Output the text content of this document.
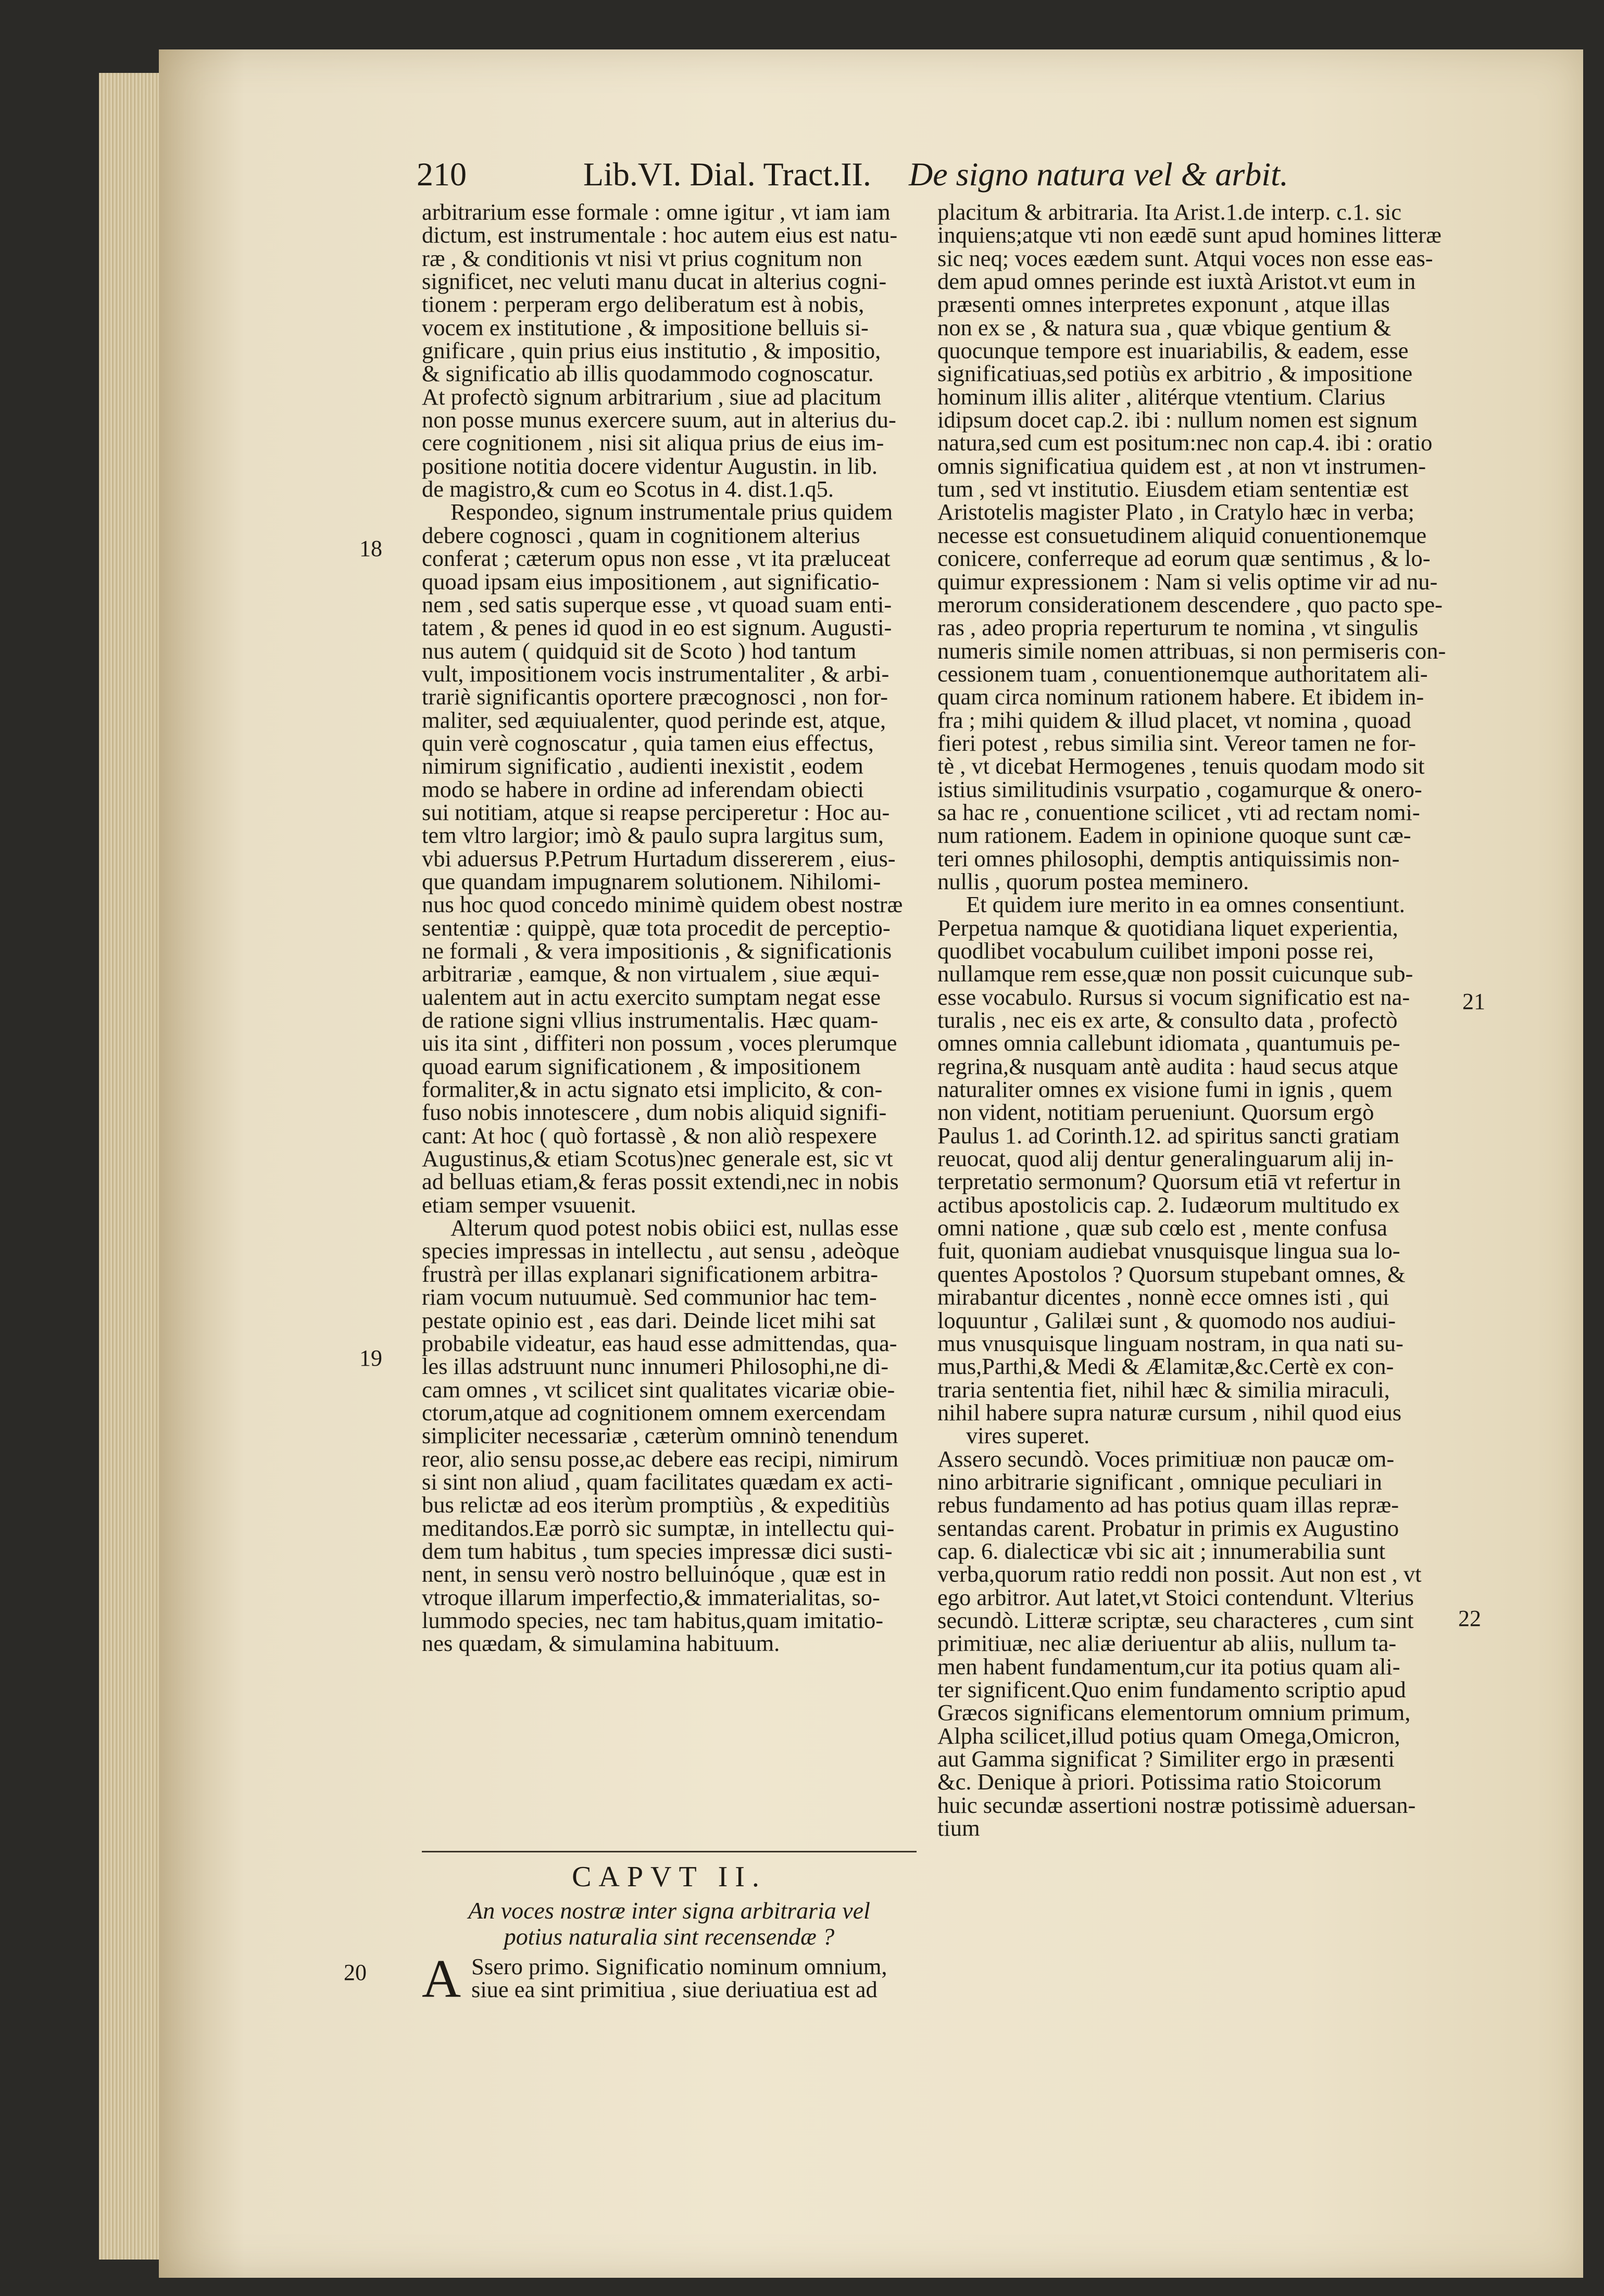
210	Lib.VI. Dial. Tract.II. De signo natura vel & arbit.
arbitrarium esse formale : omne igitur , vt iam iam
dictum, est instrumentale : hoc autem eius est natu-
ræ , & conditionis vt nisi vt prius cognitum non
significet, nec veluti manu ducat in alterius cogni-
tionem : perperam ergo deliberatum est à nobis,
vocem ex institutione , & impositione belluis si-
gnificare , quin prius eius institutio , & impositio,
& significatio ab illis quodammodo cognoscatur.
At profectò signum arbitrarium , siue ad placitum
non posse munus exercere suum, aut in alterius du-
cere cognitionem , nisi sit aliqua prius de eius im-
positione notitia docere videntur Augustin. in lib.
de magistro,& cum eo Scotus in 4. dist.1.q5.
Respondeo, signum instrumentale prius quidem
debere cognosci , quam in cognitionem alterius
conferat ; cæterum opus non esse , vt ita præluceat
quoad ipsam eius impositionem , aut significatio-
nem , sed satis superque esse , vt quoad suam enti-
tatem , & penes id quod in eo est signum. Augusti-
nus autem ( quidquid sit de Scoto ) hod tantum
vult, impositionem vocis instrumentaliter , & arbi-
trariè significantis oportere præcognosci , non for-
maliter, sed æquiualenter, quod perinde est, atque,
quin verè cognoscatur , quia tamen eius effectus,
nimirum significatio , audienti inexistit , eodem
modo se habere in ordine ad inferendam obiecti
sui notitiam, atque si reapse perciperetur : Hoc au-
tem vltro largior; imò & paulo supra largitus sum,
vbi aduersus P.Petrum Hurtadum dissererem , eius-
que quandam impugnarem solutionem. Nihilomi-
nus hoc quod concedo minimè quidem obest nostræ
sententiæ : quippè, quæ tota procedit de perceptio-
ne formali , & vera impositionis , & significationis
arbitrariæ , eamque, & non virtualem , siue æqui-
ualentem aut in actu exercito sumptam negat esse
de ratione signi vllius instrumentalis. Hæc quam-
uis ita sint , diffiteri non possum , voces plerumque
quoad earum significationem , & impositionem
formaliter,& in actu signato etsi implicito, & con-
fuso nobis innotescere , dum nobis aliquid signifi-
cant: At hoc ( quò fortassè , & non aliò respexere
Augustinus,& etiam Scotus)nec generale est, sic vt
ad belluas etiam,& feras possit extendi,nec in nobis
etiam semper vsuuenit.
Alterum quod potest nobis obiici est, nullas esse
species impressas in intellectu , aut sensu , adeòque
frustrà per illas explanari significationem arbitra-
riam vocum nutuumuè. Sed communior hac tem-
pestate opinio est , eas dari. Deinde licet mihi sat
probabile videatur, eas haud esse admittendas, qua-
les illas adstruunt nunc innumeri Philosophi,ne di-
cam omnes , vt scilicet sint qualitates vicariæ obie-
ctorum,atque ad cognitionem omnem exercendam
simpliciter necessariæ , cæterùm omninò tenendum
reor, alio sensu posse,ac debere eas recipi, nimirum
si sint non aliud , quam facilitates quædam ex acti-
bus relictæ ad eos iterùm promptiùs , & expeditiùs
meditandos.Eæ porrò sic sumptæ, in intellectu qui-
dem tum habitus , tum species impressæ dici susti-
nent, in sensu verò nostro belluinóque , quæ est in
vtroque illarum imperfectio,& immaterialitas, so-
lummodo species, nec tam habitus,quam imitatio-
nes quædam, & simulamina habituum.
CAPVT II.
An voces nostræ inter signa arbitraria vel
potius naturalia sint recensendæ ?
A Ssero primo. Significatio nominum omnium,
siue ea sint primitiua , siue deriuatiua est ad
placitum & arbitraria. Ita Arist.1.de interp. c.1. sic
inquiens;atque vti non eædē sunt apud homines litteræ
sic neq; voces eædem sunt. Atqui voces non esse eas-
dem apud omnes perinde est iuxtà Aristot.vt eum in
præsenti omnes interpretes exponunt , atque illas
non ex se , & natura sua , quæ vbique gentium &
quocunque tempore est inuariabilis, & eadem, esse
significatiuas,sed potiùs ex arbitrio , & impositione
hominum illis aliter , alitérque vtentium. Clarius
idipsum docet cap.2. ibi : nullum nomen est signum
natura,sed cum est positum:nec non cap.4. ibi : oratio
omnis significatiua quidem est , at non vt instrumen-
tum , sed vt institutio. Eiusdem etiam sententiæ est
Aristotelis magister Plato , in Cratylo hæc in verba;
necesse est consuetudinem aliquid conuentionemque
conicere, conferreque ad eorum quæ sentimus , & lo-
quimur expressionem : Nam si velis optime vir ad nu-
merorum considerationem descendere , quo pacto spe-
ras , adeo propria reperturum te nomina , vt singulis
numeris simile nomen attribuas, si non permiseris con-
cessionem tuam , conuentionemque authoritatem ali-
quam circa nominum rationem habere. Et ibidem in-
fra ; mihi quidem & illud placet, vt nomina , quoad
fieri potest , rebus similia sint. Vereor tamen ne for-
tè , vt dicebat Hermogenes , tenuis quodam modo sit
istius similitudinis vsurpatio , cogamurque & onero-
sa hac re , conuentione scilicet , vti ad rectam nomi-
num rationem. Eadem in opinione quoque sunt cæ-
teri omnes philosophi, demptis antiquissimis non-
nullis , quorum postea meminero.
Et quidem iure merito in ea omnes consentiunt.
Perpetua namque & quotidiana liquet experientia,
quodlibet vocabulum cuilibet imponi posse rei,
nullamque rem esse,quæ non possit cuicunque sub-
esse vocabulo. Rursus si vocum significatio est na-
turalis , nec eis ex arte, & consulto data , profectò
omnes omnia callebunt idiomata , quantumuis pe-
regrina,& nusquam antè audita : haud secus atque
naturaliter omnes ex visione fumi in ignis , quem
non vident, notitiam perueniunt. Quorsum ergò
Paulus 1. ad Corinth.12. ad spiritus sancti gratiam
reuocat, quod alij dentur generalinguarum alij in-
terpretatio sermonum? Quorsum etiā vt refertur in
actibus apostolicis cap. 2. Iudæorum multitudo ex
omni natione , quæ sub cœlo est , mente confusa
fuit, quoniam audiebat vnusquisque lingua sua lo-
quentes Apostolos ? Quorsum stupebant omnes, &
mirabantur dicentes , nonnè ecce omnes isti , qui
loquuntur , Galilæi sunt , & quomodo nos audiui-
mus vnusquisque linguam nostram, in qua nati su-
mus,Parthi,& Medi & Ælamitæ,&c.Certè ex con-
traria sententia fiet, nihil hæc & similia miraculi,
nihil habere supra naturæ cursum , nihil quod eius
vires superet.
Assero secundò. Voces primitiuæ non paucæ om-
nino arbitrarie significant , omnique peculiari in
rebus fundamento ad has potius quam illas repræ-
sentandas carent. Probatur in primis ex Augustino
cap. 6. dialecticæ vbi sic ait ; innumerabilia sunt
verba,quorum ratio reddi non possit. Aut non est , vt
ego arbitror. Aut latet,vt Stoici contendunt. Vlterius
secundò. Litteræ scriptæ, seu characteres , cum sint
primitiuæ, nec aliæ deriuentur ab aliis, nullum ta-
men habent fundamentum,cur ita potius quam ali-
ter significent.Quo enim fundamento scriptio apud
Græcos significans elementorum omnium primum,
Alpha scilicet,illud potius quam Omega,Omicron,
aut Gamma significat ? Similiter ergo in præsenti
&c. Denique à priori. Potissima ratio Stoicorum
huic secundæ assertioni nostræ potissimè aduersan-
tium
18
19
20
21
22
